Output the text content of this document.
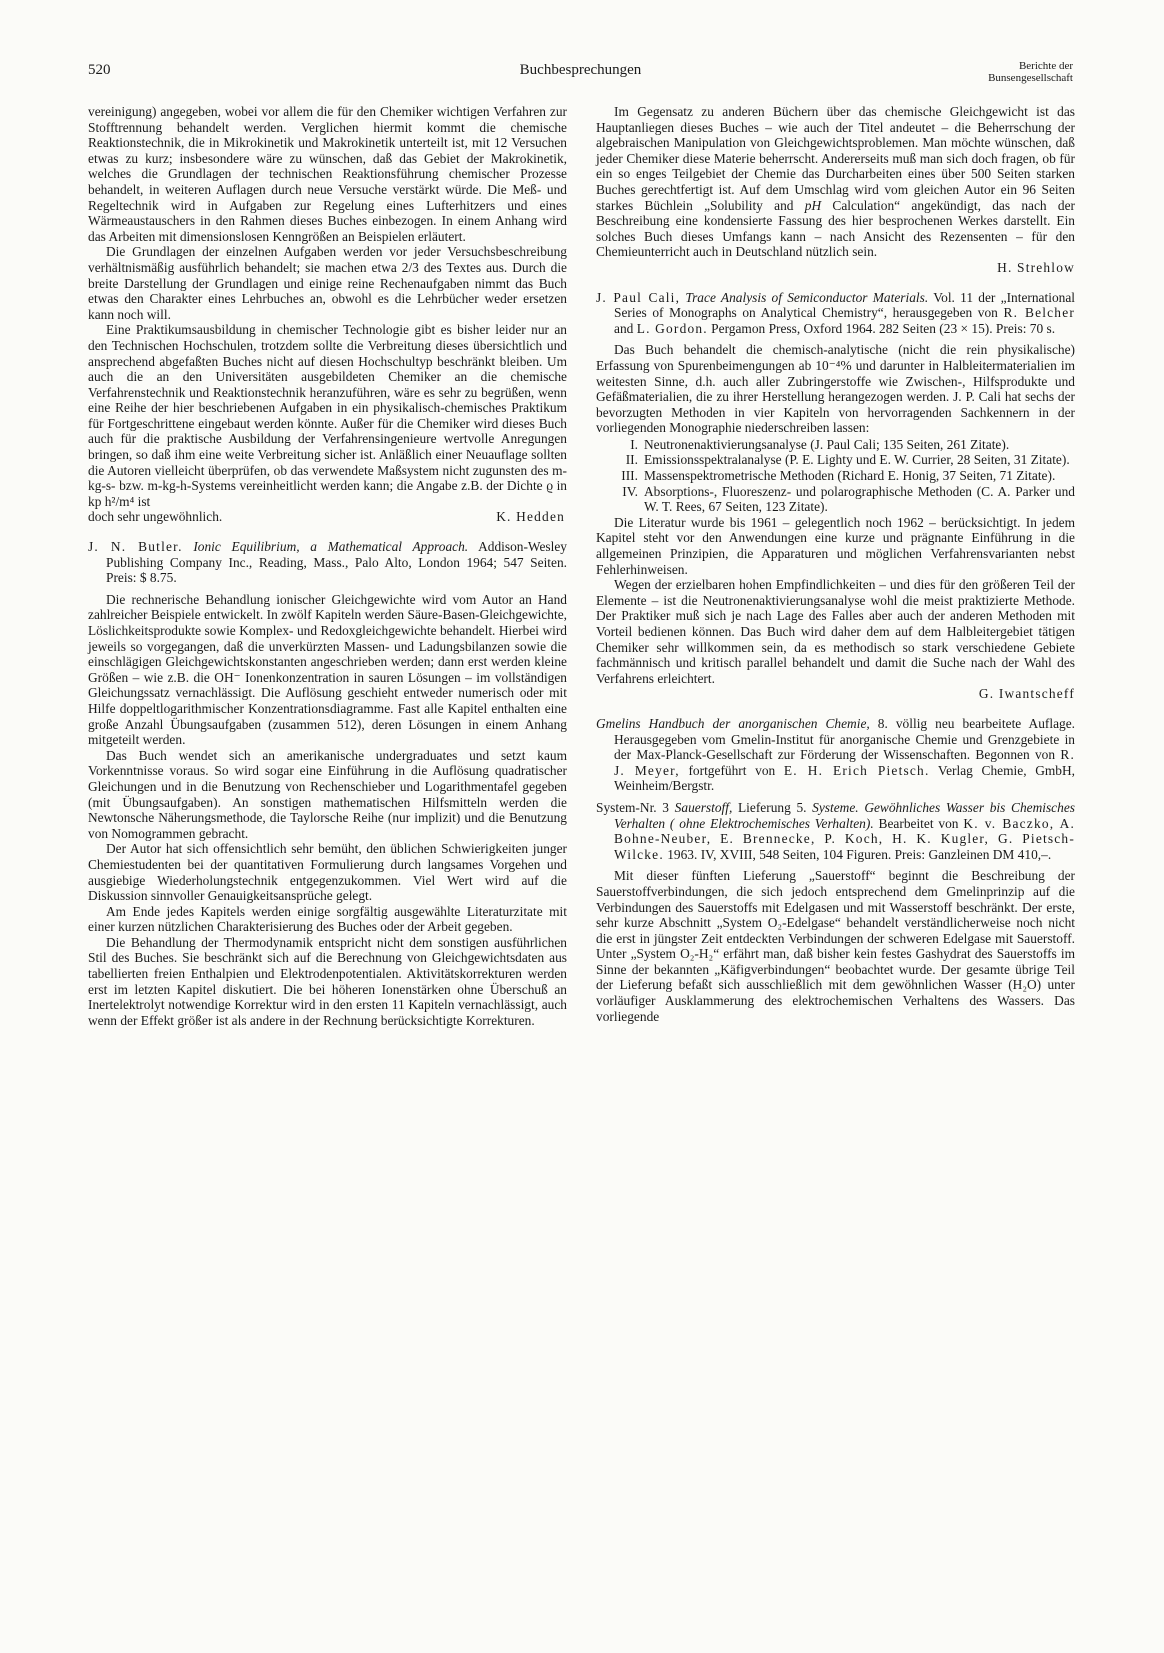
520	Buchbesprechungen	Berichte der
Bunsengesellschaft

vereinigung) angegeben, wobei vor allem die für den Chemiker wichtigen Verfahren zur Stofftrennung behandelt werden. Verglichen hiermit kommt die chemische Reaktionstechnik, die in Mikrokinetik und Makrokinetik unterteilt ist, mit 12 Versuchen etwas zu kurz; insbesondere wäre zu wünschen, daß das Gebiet der Makrokinetik, welches die Grundlagen der technischen Reaktionsführung chemischer Prozesse behandelt, in weiteren Auflagen durch neue Versuche verstärkt würde. Die Meß- und Regeltechnik wird in Aufgaben zur Regelung eines Lufterhitzers und eines Wärmeaustauschers in den Rahmen dieses Buches einbezogen. In einem Anhang wird das Arbeiten mit dimensionslosen Kenngrößen an Beispielen erläutert.

Die Grundlagen der einzelnen Aufgaben werden vor jeder Versuchsbeschreibung verhältnismäßig ausführlich behandelt; sie machen etwa 2/3 des Textes aus. Durch die breite Darstellung der Grundlagen und einige reine Rechenaufgaben nimmt das Buch etwas den Charakter eines Lehrbuches an, obwohl es die Lehrbücher weder ersetzen kann noch will.

Eine Praktikumsausbildung in chemischer Technologie gibt es bisher leider nur an den Technischen Hochschulen, trotzdem sollte die Verbreitung dieses übersichtlich und ansprechend abgefaßten Buches nicht auf diesen Hochschultyp beschränkt bleiben. Um auch die an den Universitäten ausgebildeten Chemiker an die chemische Verfahrenstechnik und Reaktionstechnik heranzuführen, wäre es sehr zu begrüßen, wenn eine Reihe der hier beschriebenen Aufgaben in ein physikalisch-chemisches Praktikum für Fortgeschrittene eingebaut werden könnte. Außer für die Chemiker wird dieses Buch auch für die praktische Ausbildung der Verfahrensingenieure wertvolle Anregungen bringen, so daß ihm eine weite Verbreitung sicher ist. Anläßlich einer Neuauflage sollten die Autoren vielleicht überprüfen, ob das verwendete Maßsystem nicht zugunsten des m-kg-s- bzw. m-kg-h-Systems vereinheitlicht werden kann; die Angabe z.B. der Dichte ϱ in kp h²/m⁴ ist

doch sehr ungewöhnlich.	K. Hedden

J. N. Butler. Ionic Equilibrium, a Mathematical Approach. Addison-Wesley Publishing Company Inc., Reading, Mass., Palo Alto, London 1964; 547 Seiten. Preis: $ 8.75.

Die rechnerische Behandlung ionischer Gleichgewichte wird vom Autor an Hand zahlreicher Beispiele entwickelt. In zwölf Kapiteln werden Säure-Basen-Gleichgewichte, Löslichkeitsprodukte sowie Komplex- und Redoxgleichgewichte behandelt. Hierbei wird jeweils so vorgegangen, daß die unverkürzten Massen- und Ladungsbilanzen sowie die einschlägigen Gleichgewichtskonstanten angeschrieben werden; dann erst werden kleine Größen – wie z.B. die OH⁻ Ionenkonzentration in sauren Lösungen – im vollständigen Gleichungssatz vernachlässigt. Die Auflösung geschieht entweder numerisch oder mit Hilfe doppeltlogarithmischer Konzentrationsdiagramme. Fast alle Kapitel enthalten eine große Anzahl Übungsaufgaben (zusammen 512), deren Lösungen in einem Anhang mitgeteilt werden.

Das Buch wendet sich an amerikanische undergraduates und setzt kaum Vorkenntnisse voraus. So wird sogar eine Einführung in die Auflösung quadratischer Gleichungen und in die Benutzung von Rechenschieber und Logarithmentafel gegeben (mit Übungsaufgaben). An sonstigen mathematischen Hilfsmitteln werden die Newtonsche Näherungsmethode, die Taylorsche Reihe (nur implizit) und die Benutzung von Nomogrammen gebracht.

Der Autor hat sich offensichtlich sehr bemüht, den üblichen Schwierigkeiten junger Chemiestudenten bei der quantitativen Formulierung durch langsames Vorgehen und ausgiebige Wiederholungstechnik entgegenzukommen. Viel Wert wird auf die Diskussion sinnvoller Genauigkeitsansprüche gelegt.

Am Ende jedes Kapitels werden einige sorgfältig ausgewählte Literaturzitate mit einer kurzen nützlichen Charakterisierung des Buches oder der Arbeit gegeben.

Die Behandlung der Thermodynamik entspricht nicht dem sonstigen ausführlichen Stil des Buches. Sie beschränkt sich auf die Berechnung von Gleichgewichtsdaten aus tabellierten freien Enthalpien und Elektrodenpotentialen. Aktivitätskorrekturen werden erst im letzten Kapitel diskutiert. Die bei höheren Ionenstärken ohne Überschuß an Inertelektrolyt notwendige Korrektur wird in den ersten 11 Kapiteln vernachlässigt, auch wenn der Effekt größer ist als andere in der Rechnung berücksichtigte Korrekturen.

Im Gegensatz zu anderen Büchern über das chemische Gleichgewicht ist das Hauptanliegen dieses Buches – wie auch der Titel andeutet – die Beherrschung der algebraischen Manipulation von Gleichgewichtsproblemen. Man möchte wünschen, daß jeder Chemiker diese Materie beherrscht. Andererseits muß man sich doch fragen, ob für ein so enges Teilgebiet der Chemie das Durcharbeiten eines über 500 Seiten starken Buches gerechtfertigt ist. Auf dem Umschlag wird vom gleichen Autor ein 96 Seiten starkes Büchlein „Solubility and pH Calculation“ angekündigt, das nach der Beschreibung eine kondensierte Fassung des hier besprochenen Werkes darstellt. Ein solches Buch dieses Umfangs kann – nach Ansicht des Rezensenten – für den Chemieunterricht auch in Deutschland nützlich sein.

H. Strehlow

J. Paul Cali, Trace Analysis of Semiconductor Materials. Vol. 11 der „International Series of Monographs on Analytical Chemistry“, herausgegeben von R. Belcher and L. Gordon. Pergamon Press, Oxford 1964. 282 Seiten (23 × 15). Preis: 70 s.

Das Buch behandelt die chemisch-analytische (nicht die rein physikalische) Erfassung von Spurenbeimengungen ab 10⁻⁴% und darunter in Halbleitermaterialien im weitesten Sinne, d.h. auch aller Zubringerstoffe wie Zwischen-, Hilfsprodukte und Gefäßmaterialien, die zu ihrer Herstellung herangezogen werden. J. P. Cali hat sechs der bevorzugten Methoden in vier Kapiteln von hervorragenden Sachkennern in der vorliegenden Monographie niederschreiben lassen:

I. Neutronenaktivierungsanalyse (J. Paul Cali; 135 Seiten, 261 Zitate).
II. Emissionsspektralanalyse (P. E. Lighty und E. W. Currier, 28 Seiten, 31 Zitate).
III. Massenspektrometrische Methoden (Richard E. Honig, 37 Seiten, 71 Zitate).
IV. Absorptions-, Fluoreszenz- und polarographische Methoden (C. A. Parker und W. T. Rees, 67 Seiten, 123 Zitate).

Die Literatur wurde bis 1961 – gelegentlich noch 1962 – berücksichtigt. In jedem Kapitel steht vor den Anwendungen eine kurze und prägnante Einführung in die allgemeinen Prinzipien, die Apparaturen und möglichen Verfahrensvarianten nebst Fehlerhinweisen.

Wegen der erzielbaren hohen Empfindlichkeiten – und dies für den größeren Teil der Elemente – ist die Neutronenaktivierungsanalyse wohl die meist praktizierte Methode. Der Praktiker muß sich je nach Lage des Falles aber auch der anderen Methoden mit Vorteil bedienen können. Das Buch wird daher dem auf dem Halbleitergebiet tätigen Chemiker sehr willkommen sein, da es methodisch so stark verschiedene Gebiete fachmännisch und kritisch parallel behandelt und damit die Suche nach der Wahl des Verfahrens erleichtert.

G. Iwantscheff

Gmelins Handbuch der anorganischen Chemie, 8. völlig neu bearbeitete Auflage. Herausgegeben vom Gmelin-Institut für anorganische Chemie und Grenzgebiete in der Max-Planck-Gesellschaft zur Förderung der Wissenschaften. Begonnen von R. J. Meyer, fortgeführt von E. H. Erich Pietsch. Verlag Chemie, GmbH, Weinheim/Bergstr.

System-Nr. 3 Sauerstoff, Lieferung 5. Systeme. Gewöhnliches Wasser bis Chemisches Verhalten ( ohne Elektrochemisches Verhalten). Bearbeitet von K. v. Baczko, A. Bohne-Neuber, E. Brennecke, P. Koch, H. K. Kugler, G. Pietsch-Wilcke. 1963. IV, XVIII, 548 Seiten, 104 Figuren. Preis: Ganzleinen DM 410,–.

Mit dieser fünften Lieferung „Sauerstoff“ beginnt die Beschreibung der Sauerstoffverbindungen, die sich jedoch entsprechend dem Gmelinprinzip auf die Verbindungen des Sauerstoffs mit Edelgasen und mit Wasserstoff beschränkt. Der erste, sehr kurze Abschnitt „System O₂-Edelgase“ behandelt verständlicherweise noch nicht die erst in jüngster Zeit entdeckten Verbindungen der schweren Edelgase mit Sauerstoff. Unter „System O₂-H₂“ erfährt man, daß bisher kein festes Gashydrat des Sauerstoffs im Sinne der bekannten „Käfigverbindungen“ beobachtet wurde. Der gesamte übrige Teil der Lieferung befaßt sich ausschließlich mit dem gewöhnlichen Wasser (H₂O) unter vorläufiger Ausklammerung des elektrochemischen Verhaltens des Wassers. Das vorliegende
